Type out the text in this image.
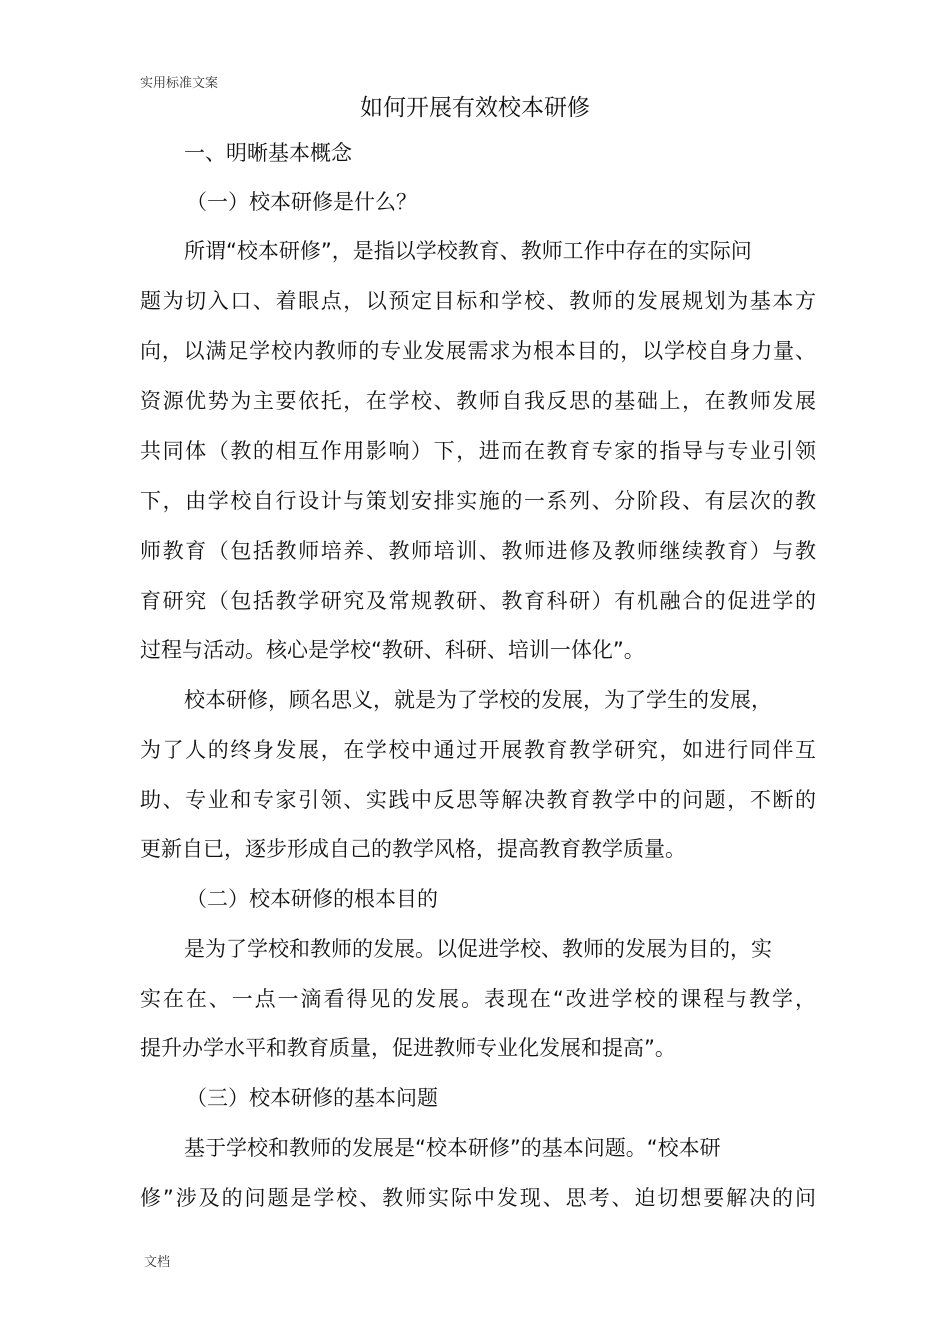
实用标准文案
如何开展有效校本研修
一、明晰基本概念
（一）校本研修是什么？
所谓“校本研修”，是指以学校教育、教师工作中存在的实际问
题为切入口、着眼点，以预定目标和学校、教师的发展规划为基本方
向，以满足学校内教师的专业发展需求为根本目的，以学校自身力量、
资源优势为主要依托，在学校、教师自我反思的基础上，在教师发展
共同体（教的相互作用影响）下，进而在教育专家的指导与专业引领
下，由学校自行设计与策划安排实施的一系列、分阶段、有层次的教
师教育（包括教师培养、教师培训、教师进修及教师继续教育）与教
育研究（包括教学研究及常规教研、教育科研）有机融合的促进学的
过程与活动。核心是学校“教研、科研、培训一体化”。
校本研修，顾名思义，就是为了学校的发展，为了学生的发展，
为了人的终身发展，在学校中通过开展教育教学研究，如进行同伴互
助、专业和专家引领、实践中反思等解决教育教学中的问题，不断的
更新自已，逐步形成自己的教学风格，提高教育教学质量。
（二）校本研修的根本目的
是为了学校和教师的发展。以促进学校、教师的发展为目的，实
实在在、一点一滴看得见的发展。表现在“改进学校的课程与教学，
提升办学水平和教育质量，促进教师专业化发展和提高”。
（三）校本研修的基本问题
基于学校和教师的发展是“校本研修”的基本问题。“校本研
修”涉及的问题是学校、教师实际中发现、思考、迫切想要解决的问
文档
